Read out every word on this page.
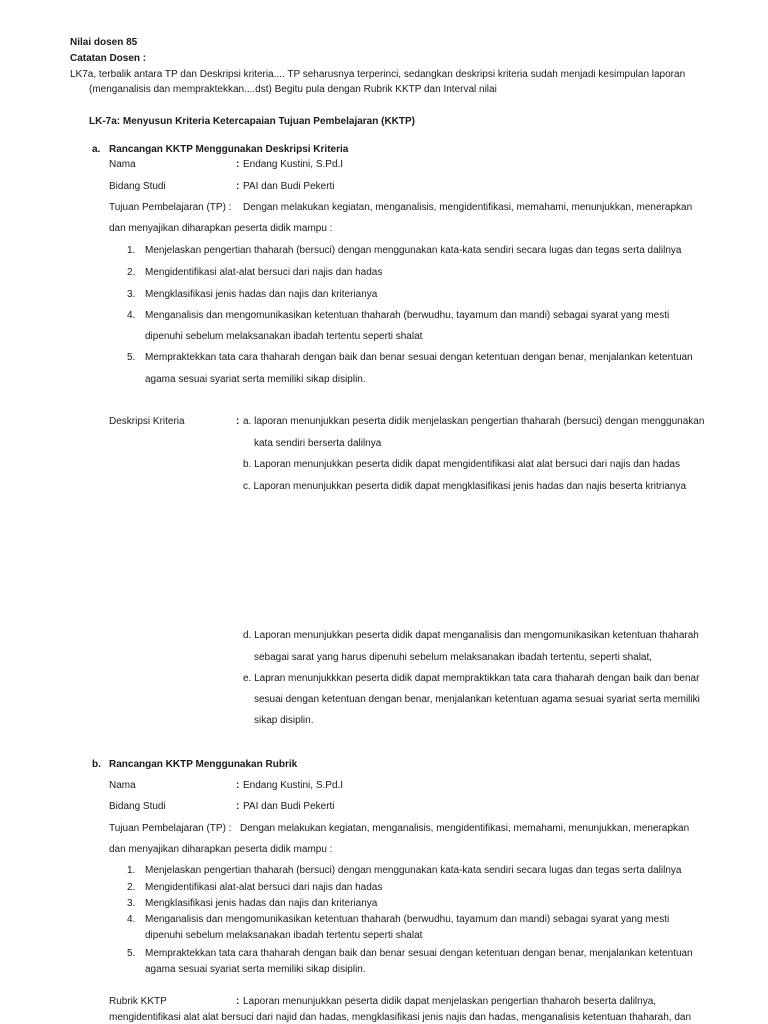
Nilai dosen 85
Catatan Dosen :
LK7a, terbalik antara TP dan Deskripsi kriteria.... TP seharusnya terperinci, sedangkan deskripsi kriteria sudah menjadi kesimpulan laporan
(menganalisis dan mempraktekkan....dst) Begitu pula dengan Rubrik KKTP dan Interval nilai
LK-7a: Menyusun Kriteria Ketercapaian Tujuan Pembelajaran (KKTP)
a. Rancangan KKTP Menggunakan Deskripsi Kriteria
Nama	: Endang Kustini, S.Pd.I
Bidang Studi	: PAI dan Budi Pekerti
Tujuan Pembelajaran (TP) : Dengan melakukan kegiatan, menganalisis, mengidentifikasi, memahami, menunjukkan, menerapkan
dan menyajikan diharapkan peserta didik mampu :
1. Menjelaskan pengertian thaharah (bersuci) dengan menggunakan kata-kata sendiri secara lugas dan tegas serta dalilnya
2. Mengidentifikasi alat-alat bersuci dari najis dan hadas
3. Mengklasifikasi jenis hadas dan najis dan kriterianya
4. Menganalisis dan mengomunikasikan ketentuan thaharah (berwudhu, tayamum dan mandi) sebagai syarat yang mesti
dipenuhi sebelum melaksanakan ibadah tertentu seperti shalat
5. Mempraktekkan tata cara thaharah dengan baik dan benar sesuai dengan ketentuan dengan benar, menjalankan ketentuan
agama sesuai syariat serta memiliki sikap disiplin.
Deskripsi Kriteria	: a. laporan menunjukkan peserta didik menjelaskan pengertian thaharah (bersuci) dengan menggunakan
kata sendiri berserta dalilnya
b. Laporan menunjukkan peserta didik dapat mengidentifikasi alat alat bersuci dari najis dan hadas
c. Laporan menunjukkan peserta didik dapat mengklasifikasi jenis hadas dan najis beserta kritrianya
d. Laporan menunjukkan peserta didik dapat menganalisis dan mengomunikasikan ketentuan thaharah
sebagai sarat yang harus dipenuhi sebelum melaksanakan ibadah tertentu, seperti shalat,
e. Lapran menunjukkkan peserta didik dapat mempraktikkan tata cara thaharah dengan baik dan benar
sesuai dengan ketentuan dengan benar, menjalankan ketentuan agama sesuai syariat serta memiliki
sikap disiplin.
b. Rancangan KKTP Menggunakan Rubrik
Nama	: Endang Kustini, S.Pd.I
Bidang Studi	: PAI dan Budi Pekerti
Tujuan Pembelajaran (TP) : Dengan melakukan kegiatan, menganalisis, mengidentifikasi, memahami, menunjukkan, menerapkan
dan menyajikan diharapkan peserta didik mampu :
1. Menjelaskan pengertian thaharah (bersuci) dengan menggunakan kata-kata sendiri secara lugas dan tegas serta dalilnya
2. Mengidentifikasi alat-alat bersuci dari najis dan hadas
3. Mengklasifikasi jenis hadas dan najis dan kriterianya
4. Menganalisis dan mengomunikasikan ketentuan thaharah (berwudhu, tayamum dan mandi) sebagai syarat yang mesti
dipenuhi sebelum melaksanakan ibadah tertentu seperti shalat
5. Mempraktekkan tata cara thaharah dengan baik dan benar sesuai dengan ketentuan dengan benar, menjalankan ketentuan
agama sesuai syariat serta memiliki sikap disiplin.
Rubrik KKTP	: Laporan menunjukkan peserta didik dapat menjelaskan pengertian thaharoh beserta dalilnya,
mengidentifikasi alat alat bersuci dari najid dan hadas, mengklasifikasi jenis najis dan hadas, menganalisis ketentuan thaharah, dan
